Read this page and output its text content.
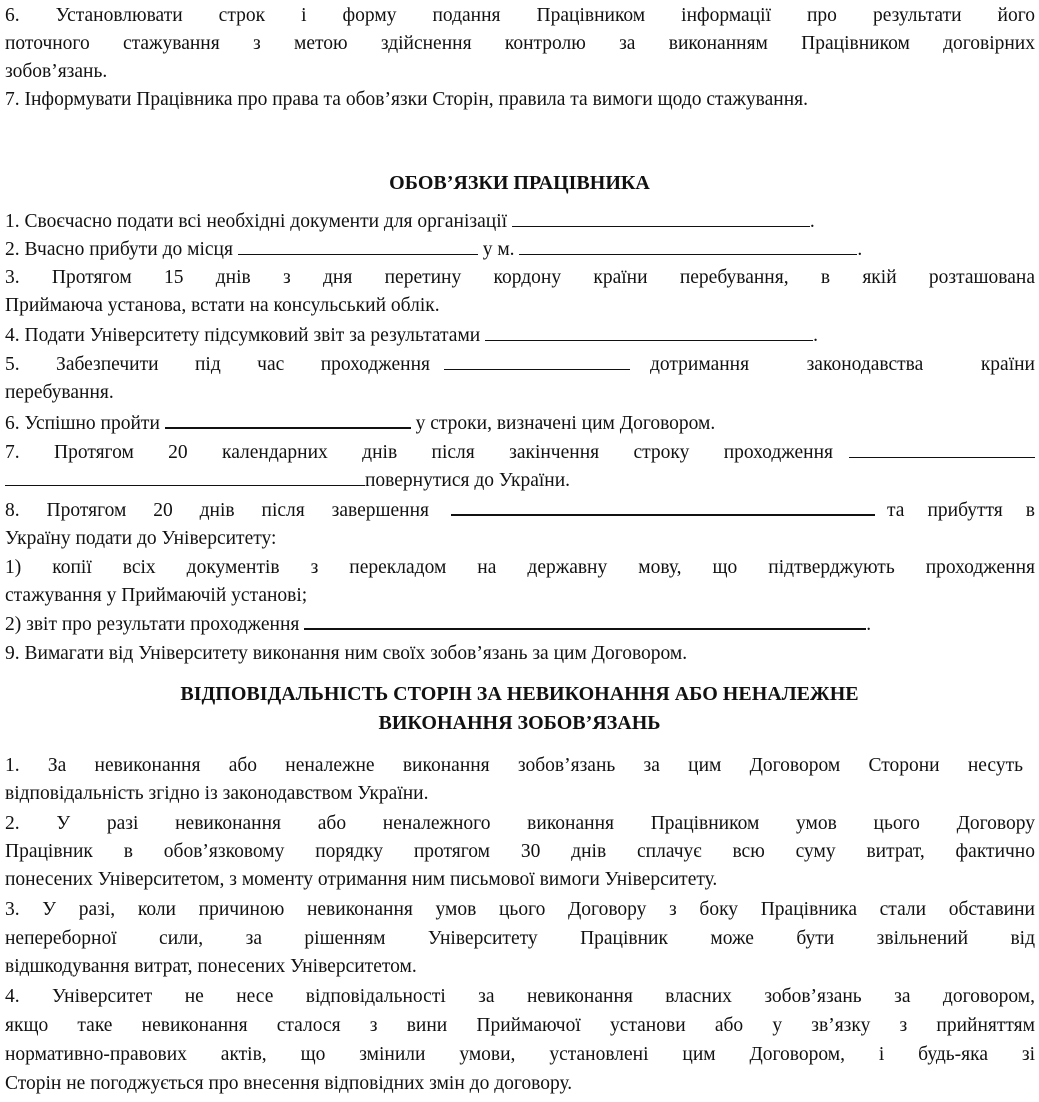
6. Установлювати строк і форму подання Працівником інформації про результати його
поточного стажування з метою здійснення контролю за виконанням Працівником договірних
зобов’язань.
7. Інформувати Працівника про права та обов’язки Сторін, правила та вимоги щодо стажування.
ОБОВ’ЯЗКИ ПРАЦІВНИКА
1. Своєчасно подати всі необхідні документи для організації	.
2. Вчасно прибути до місця	у м.	.
3. Протягом 15 днів з дня перетину кордону країни перебування, в якій розташована
Приймаюча установа, встати на консульський облік.
4. Подати Університету підсумковий звіт за результатами	.
5. Забезпечити під час проходження	дотримання законодавства країни
перебування.
6. Успішно пройти	у строки, визначені цим Договором.
7. Протягом 20 календарних днів після закінчення строку проходження
повернутися до України.
8. Протягом 20 днів після завершення	та прибуття в
Україну подати до Університету:
1) копії всіх документів з перекладом на державну мову, що підтверджують проходження
стажування у Приймаючій установі;
2) звіт про результати проходження	.
9. Вимагати від Університету виконання ним своїх зобов’язань за цим Договором.
ВІДПОВІДАЛЬНІСТЬ СТОРІН ЗА НЕВИКОНАННЯ АБО НЕНАЛЕЖНЕ
ВИКОНАННЯ ЗОБОВ’ЯЗАНЬ
1. За невиконання або неналежне виконання зобов’язань за цим Договором Сторони несуть
відповідальність згідно із законодавством України.
2. У разі невиконання або неналежного виконання Працівником умов цього Договору
Працівник в обов’язковому порядку протягом 30 днів сплачує всю суму витрат, фактично
понесених Університетом, з моменту отримання ним письмової вимоги Університету.
3. У разі, коли причиною невиконання умов цього Договору з боку Працівника стали обставини
непереборної сили, за рішенням Університету Працівник може бути звільнений від
відшкодування витрат, понесених Університетом.
4. Університет не несе відповідальності за невиконання власних зобов’язань за договором,
якщо таке невиконання сталося з вини Приймаючої установи або у зв’язку з прийняттям
нормативно-правових актів, що змінили умови, установлені цим Договором, і будь-яка зі
Сторін не погоджується про внесення відповідних змін до договору.
